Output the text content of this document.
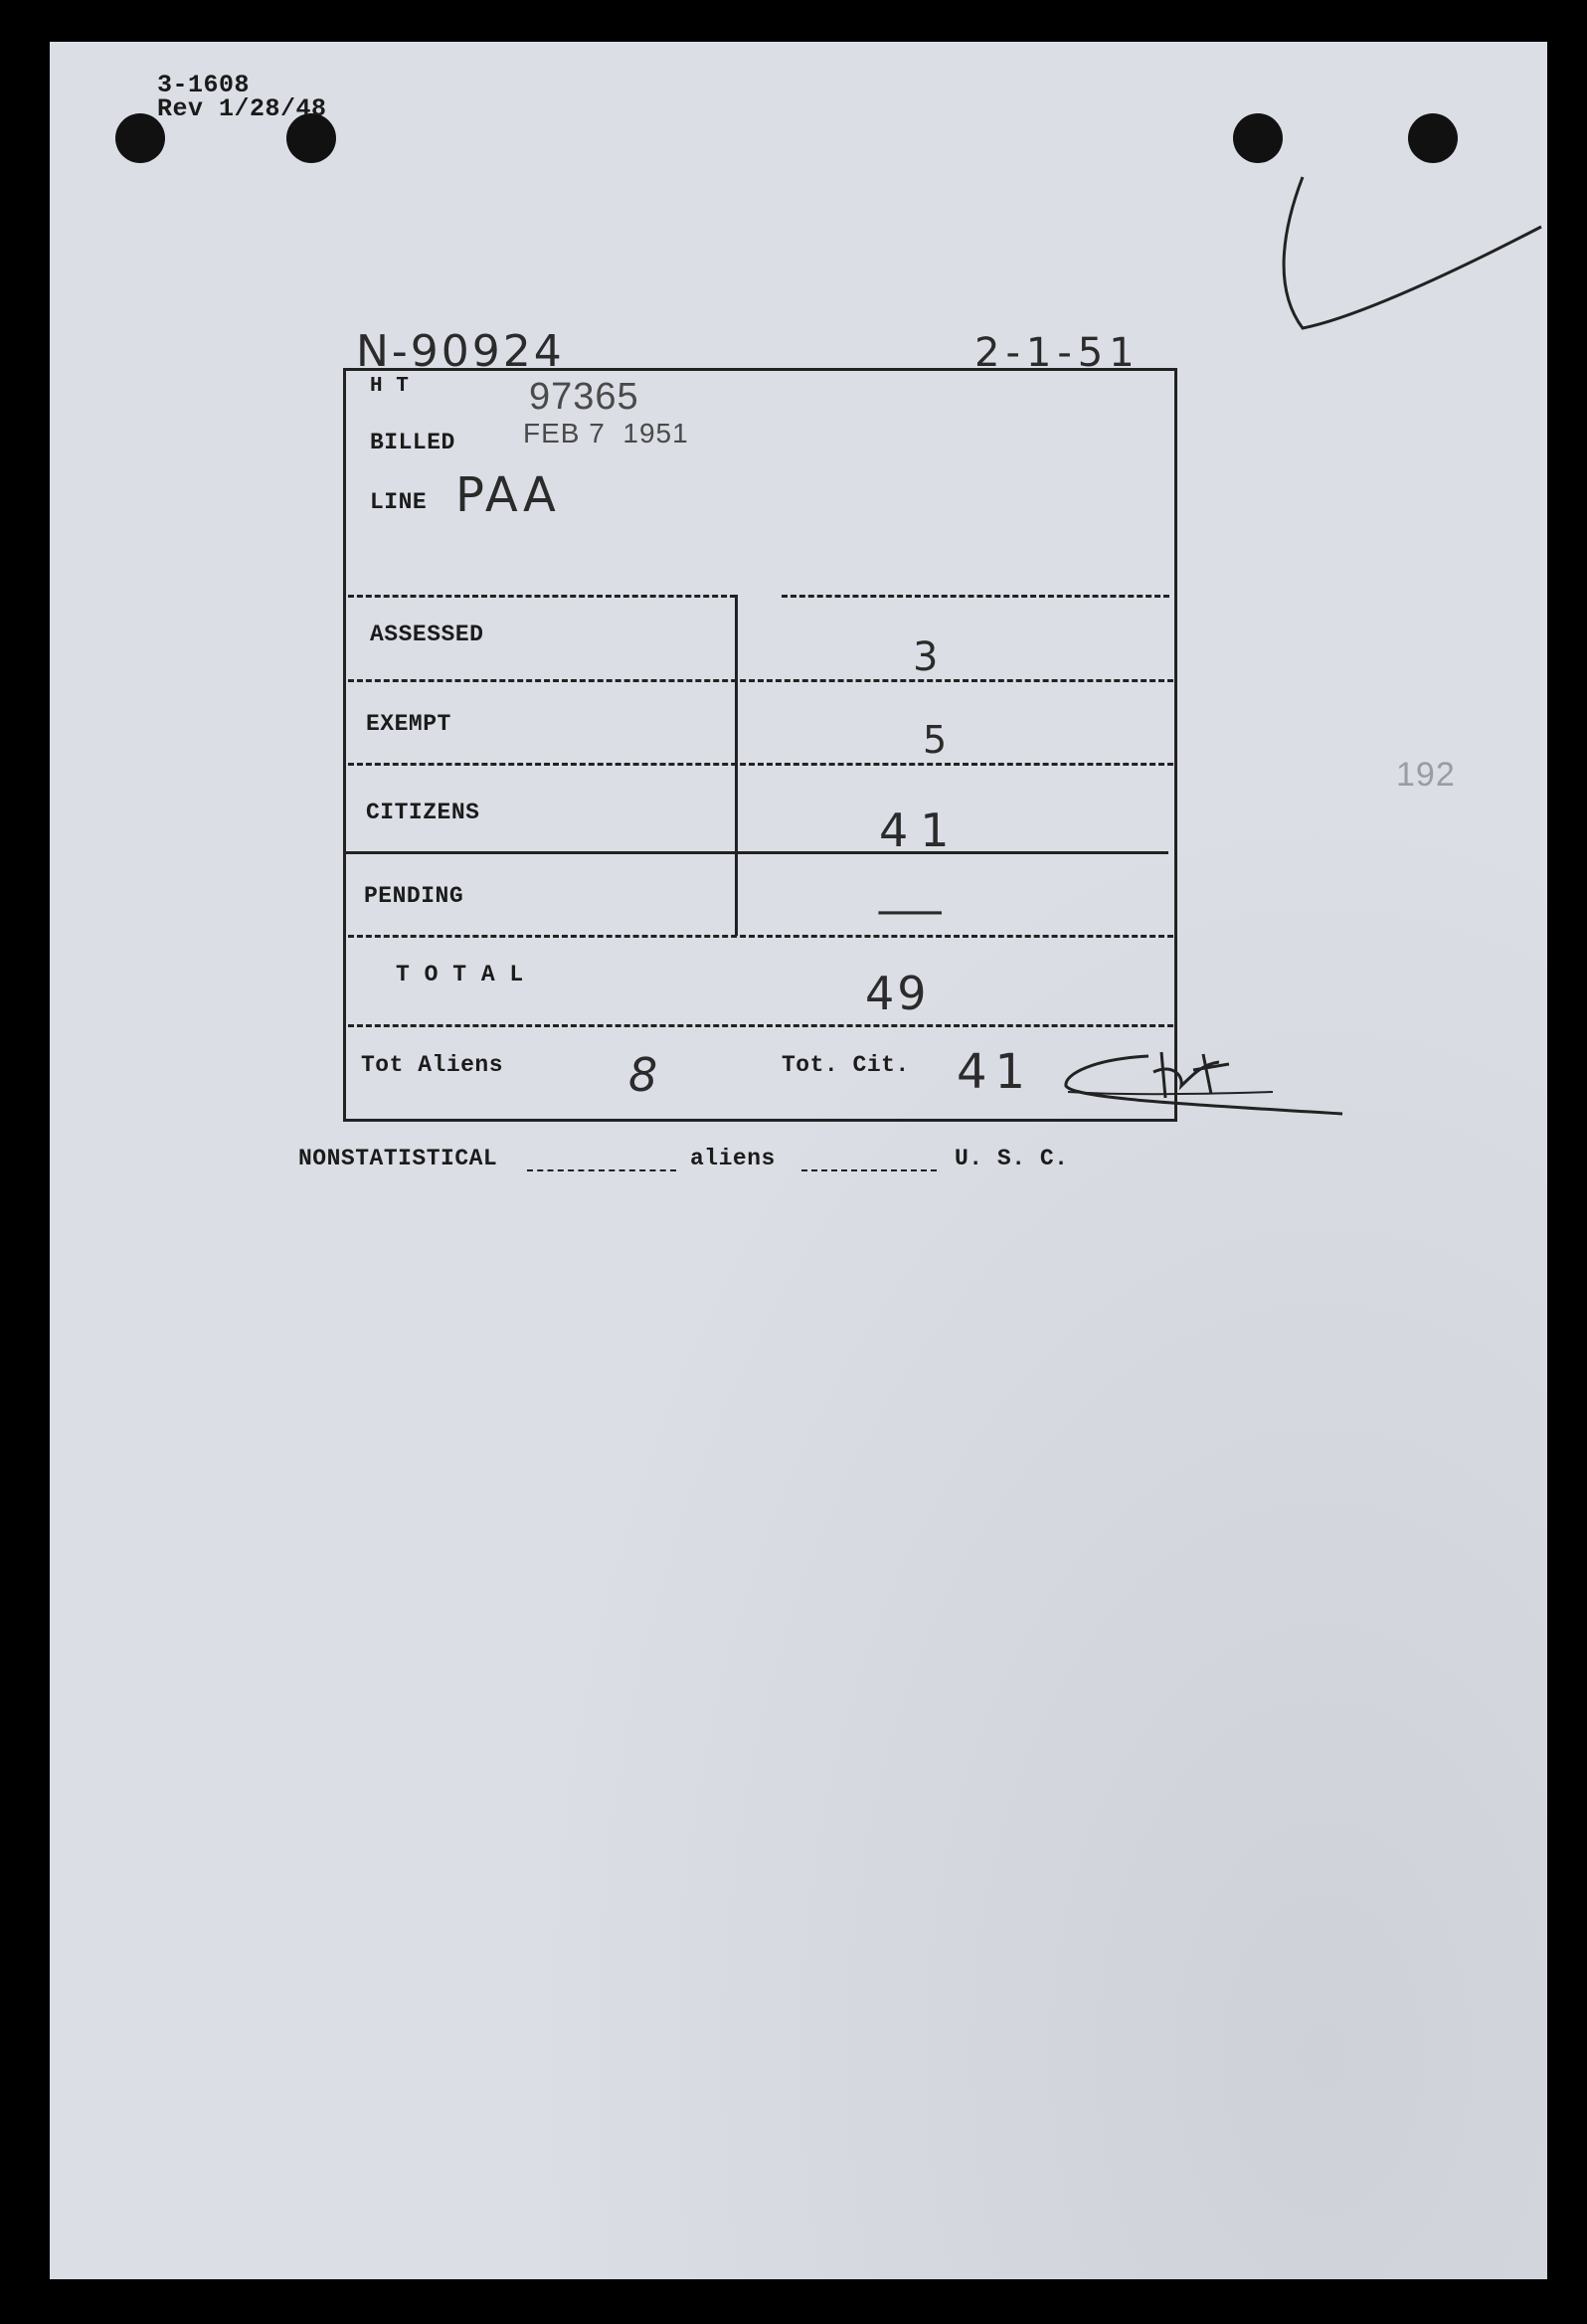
3-1608
Rev 1/28/48
N-90924	2-1-51
H T	97365
BILLED FEB 7  1951
LINE PAA
ASSESSED	3
EXEMPT	5
CITIZENS	41
PENDING	—
T O T A L	49
Tot Aliens	8	Tot. Cit. 41
NONSTATISTICAL	aliens	U. S. C.
192
